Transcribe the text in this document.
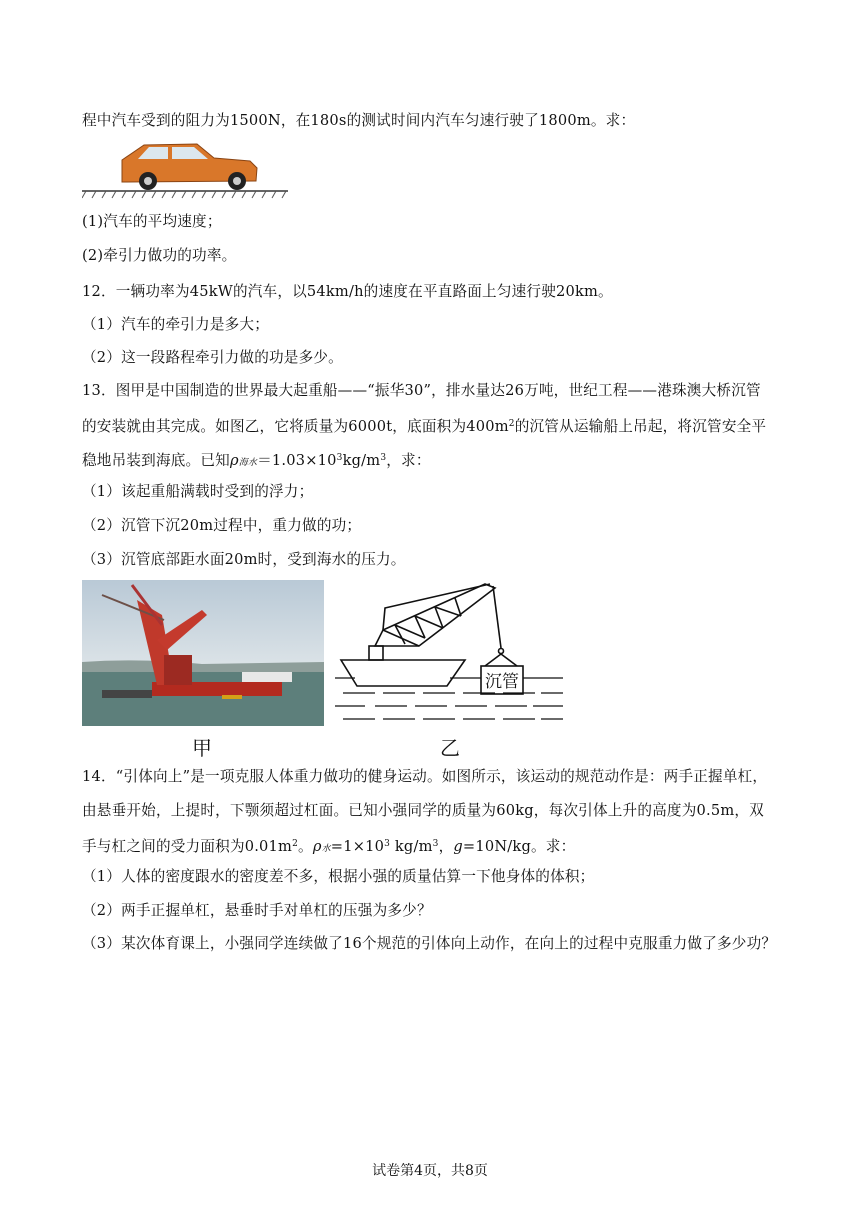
程中汽车受到的阻力为1500N，在180s的测试时间内汽车匀速行驶了1800m。求：
(1)汽车的平均速度；
(2)牵引力做功的功率。
12．一辆功率为45kW的汽车，以54km/h的速度在平直路面上匀速行驶20km。
（1）汽车的牵引力是多大；
（2）这一段路程牵引力做的功是多少。
13．图甲是中国制造的世界最大起重船——“振华30”，排水量达26万吨，世纪工程——港珠澳大桥沉管
的安装就由其完成。如图乙，它将质量为6000t，底面积为$400m^2$的沉管从运输船上吊起，将沉管安全平
稳地吊装到海底。已知ρ海水$=1.03\times 10^3kg/m^3$，求：
（1）该起重船满载时受到的浮力；
（2）沉管下沉20m过程中，重力做的功；
（3）沉管底部距水面20m时，受到海水的压力。
沉管
甲	乙
14．“引体向上”是一项克服人体重力做功的健身运动。如图所示，该运动的规范动作是：两手正握单杠，
由悬垂开始，上提时，下颚须超过杠面。已知小强同学的质量为60kg，每次引体上升的高度为0.5m，双
手与杠之间的受力面积为$0.01m^2$。ρ水$=1\times 10^3$ $kg/m^3$，g=10N/kg。求：
（1）人体的密度跟水的密度差不多，根据小强的质量估算一下他身体的体积；
（2）两手正握单杠，悬垂时手对单杠的压强为多少？
（3）某次体育课上，小强同学连续做了16个规范的引体向上动作，在向上的过程中克服重力做了多少功？
试卷第4页，共8页
